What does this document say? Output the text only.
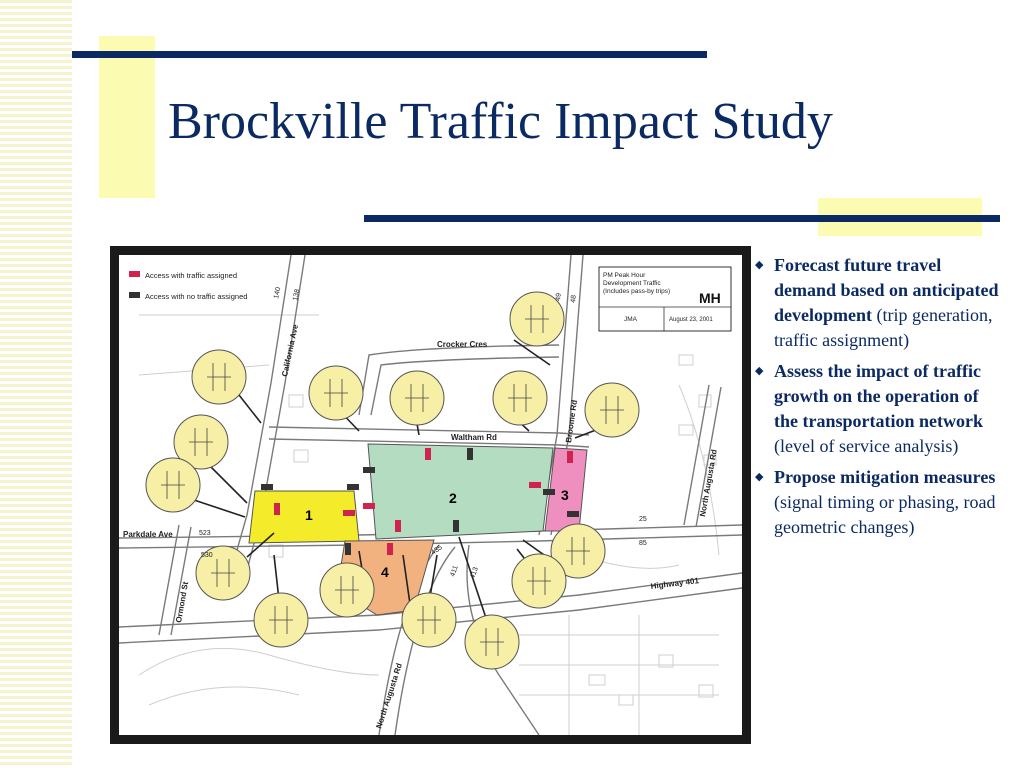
Brockville Traffic Impact Study
1
2	3
4
Access with traffic assigned
Access with no traffic assigned
PM Peak Hour
Development Traffic
(Includes pass-by trips) MH
JMA	August 23, 2001
Crocker Cres
Waltham Rd
California Ave
Broome Rd
North Augusta Rd
North Augusta Rd
Parkdale Ave
Ormond St	Highway 401
140 138	49 48
523
530
25
85
411 413
435
◆ Forecast future travel demand based on anticipated development (trip generation, traffic assignment)
◆ Assess the impact of traffic growth on the operation of the transportation network (level of service analysis)
◆ Propose mitigation measures (signal timing or phasing, road geometric changes)
